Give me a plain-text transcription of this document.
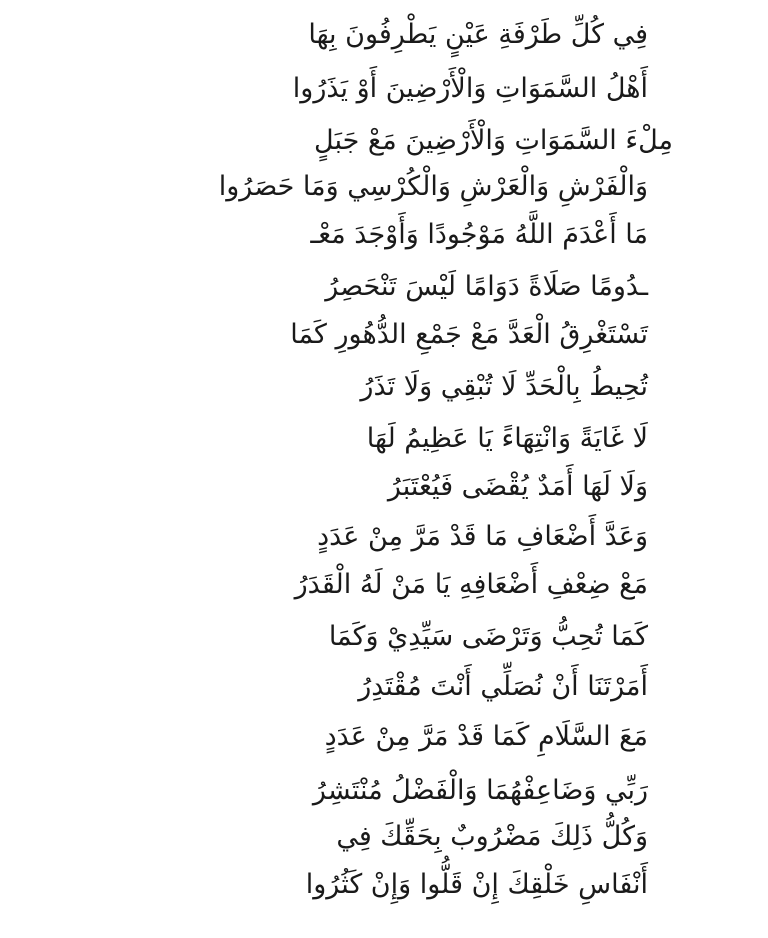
فِي كُلِّ طَرْفَةِ عَيْنٍ يَطْرِفُونَ بِهَا
أَهْلُ السَّمَوَاتِ وَالْأَرْضِينَ أَوْ يَذَرُوا
مِلْءَ السَّمَوَاتِ وَالْأَرْضِينَ مَعْ جَبَلٍ
وَالْفَرْشِ وَالْعَرْشِ وَالْكُرْسِي وَمَا حَصَرُوا
مَا أَعْدَمَ اللَّهُ مَوْجُودًا وَأَوْجَدَ مَعْـ
ـدُومًا صَلَاةً دَوَامًا لَيْسَ تَنْحَصِرُ
تَسْتَغْرِقُ الْعَدَّ مَعْ جَمْعِ الدُّهُورِ كَمَا
تُحِيطُ بِالْحَدِّ لَا تُبْقِي وَلَا تَذَرُ
لَا غَايَةً وَانْتِهَاءً يَا عَظِيمُ لَهَا
وَلَا لَهَا أَمَدٌ يُقْضَى فَيُعْتَبَرُ
وَعَدَّ أَضْعَافِ مَا قَدْ مَرَّ مِنْ عَدَدٍ
مَعْ ضِعْفِ أَضْعَافِهِ يَا مَنْ لَهُ الْقَدَرُ
كَمَا تُحِبُّ وَتَرْضَى سَيِّدِيْ وَكَمَا
أَمَرْتَنَا أَنْ نُصَلِّي أَنْتَ مُقْتَدِرُ
مَعَ السَّلَامِ كَمَا قَدْ مَرَّ مِنْ عَدَدٍ
رَبِّي وَضَاعِفْهُمَا وَالْفَضْلُ مُنْتَشِرُ
وَكُلُّ ذَلِكَ مَضْرُوبٌ بِحَقِّكَ فِي
أَنْفَاسِ خَلْقِكَ إِنْ قَلُّوا وَإِنْ كَثُرُوا
